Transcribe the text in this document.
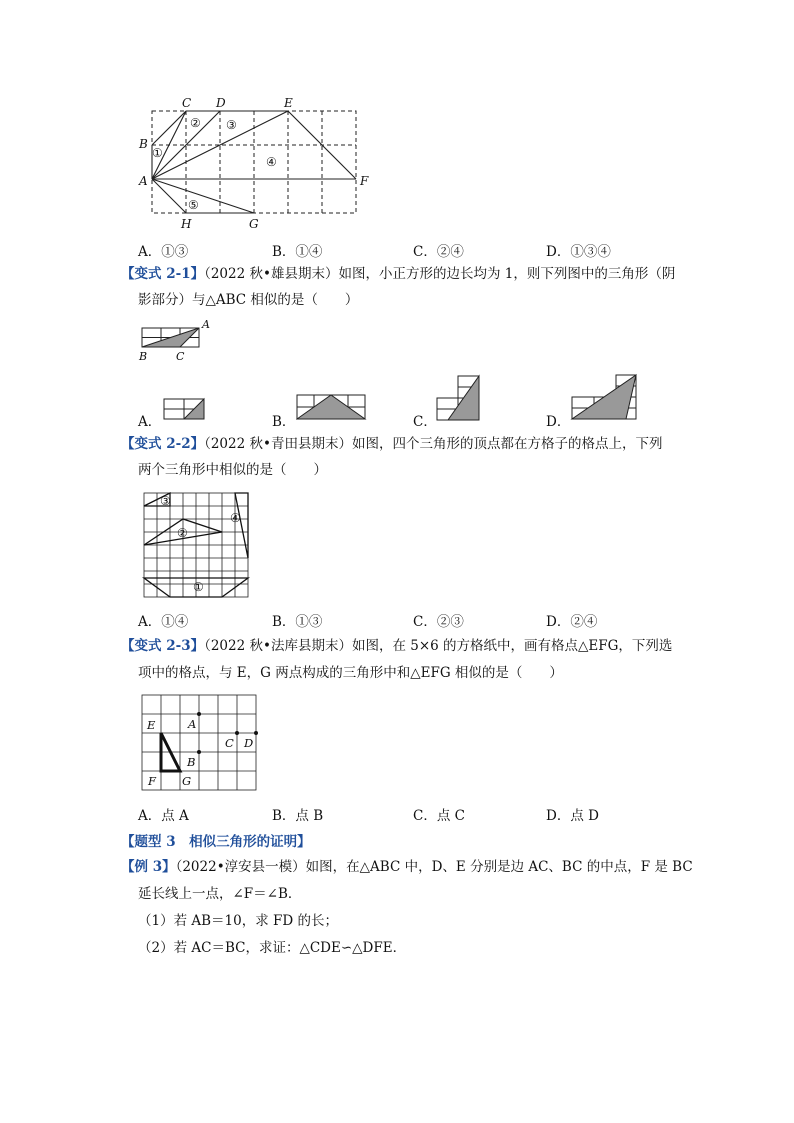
C D	E
B
A	F
H	G
①
② ③
④
⑤
A．①③	B．①④	C．②④	D．①③④
【变式 2-1】（2022 秋•雄县期末）如图，小正方形的边长均为 1，则下列图中的三角形（阴
影部分）与△ABC 相似的是（　　）
A
B	C
A．	B．	C．	D．
【变式 2-2】（2022 秋•青田县期末）如图，四个三角形的顶点都在方格子的格点上，下列
两个三角形中相似的是（　　）
③
②
④
①
A．①④	B．①③	C．②③	D．②④
【变式 2-3】（2022 秋•法库县期末）如图，在 5×6 的方格纸中，画有格点△EFG，下列选
项中的格点，与 E，G 两点构成的三角形中和△EFG 相似的是（　　）
E	A
C D
B
F G
A．点 A	B．点 B	C．点 C	D．点 D
【题型 3　相似三角形的证明】
【例 3】（2022•淳安县一模）如图，在△ABC 中，D、E 分别是边 AC、BC 的中点，F 是 BC
延长线上一点，∠F＝∠B．
（1）若 AB＝10，求 FD 的长；
（2）若 AC＝BC，求证：△CDE∽△DFE．
